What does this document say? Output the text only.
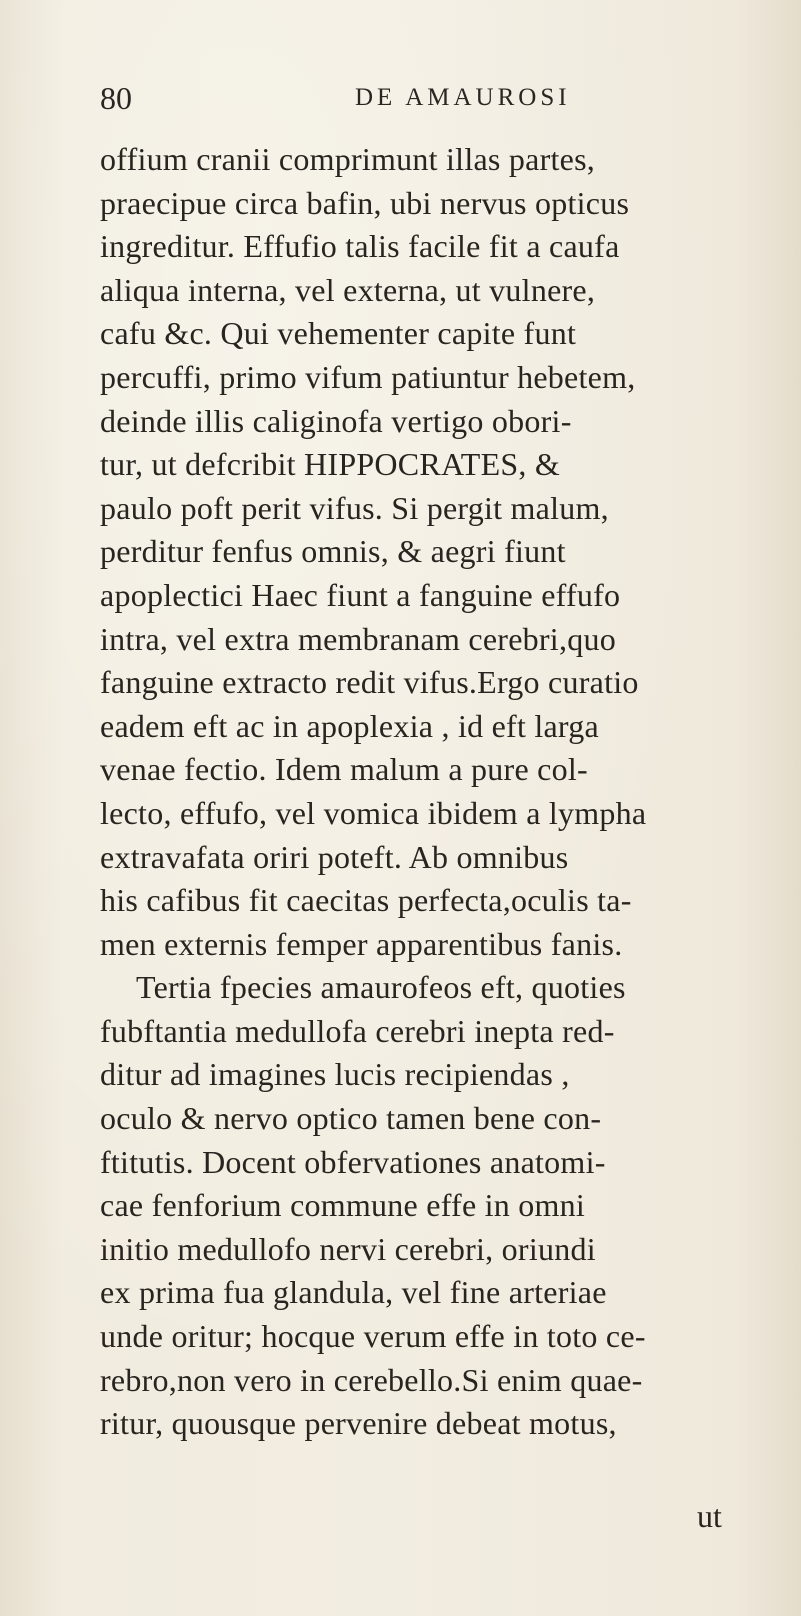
80	DE AMAUROSI
offium cranii comprimunt illas partes,
praecipue circa bafin, ubi nervus opticus
ingreditur. Effufio talis facile fit a caufa
aliqua interna, vel externa, ut vulnere,
cafu &c. Qui vehementer capite funt
percuffi, primo vifum patiuntur hebetem,
deinde illis caliginofa vertigo obori-
tur, ut defcribit HIPPOCRATES, &
paulo poft perit vifus. Si pergit malum,
perditur fenfus omnis, & aegri fiunt
apoplectici Haec fiunt a fanguine effufo
intra, vel extra membranam cerebri,quo
fanguine extracto redit vifus.Ergo curatio
eadem eft ac in apoplexia , id eft larga
venae fectio. Idem malum a pure col-
lecto, effufo, vel vomica ibidem a lympha
extravafata oriri poteft. Ab omnibus
his cafibus fit caecitas perfecta,oculis ta-
men externis femper apparentibus fanis.
Tertia fpecies amaurofeos eft, quoties
fubftantia medullofa cerebri inepta red-
ditur ad imagines lucis recipiendas ,
oculo & nervo optico tamen bene con-
ftitutis. Docent obfervationes anatomi-
cae fenforium commune effe in omni
initio medullofo nervi cerebri, oriundi
ex prima fua glandula, vel fine arteriae
unde oritur; hocque verum effe in toto ce-
rebro,non vero in cerebello.Si enim quae-
ritur, quousque pervenire debeat motus,
ut
